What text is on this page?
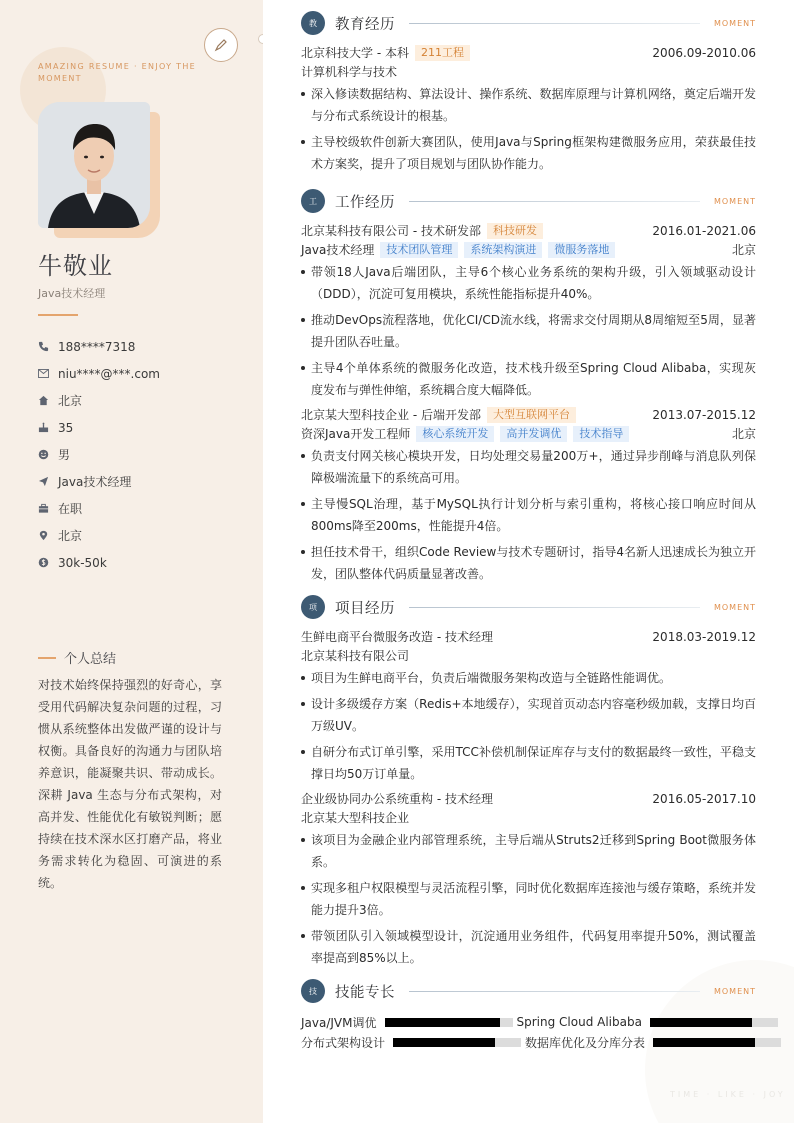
AMAZING RESUME · ENJOY THE MOMENT
牛敬业
Java技术经理
188****7318
niu****@***.com
北京
35
男
Java技术经理
在职
北京
30k-50k
个人总结
对技术始终保持强烈的好奇心，享受用代码解决复杂问题的过程，习惯从系统整体出发做严谨的设计与权衡。具备良好的沟通力与团队培养意识，能凝聚共识、带动成长。深耕 Java 生态与分布式架构，对高并发、性能优化有敏锐判断；愿持续在技术深水区打磨产品，将业务需求转化为稳固、可演进的系统。
TIME · LIKE · JOY
教	教育经历	MOMENT
北京科技大学 - 本科	211工程	2006.09-2010.06
计算机科学与技术
深入修读数据结构、算法设计、操作系统、数据库原理与计算机网络，奠定后端开发与分布式系统设计的根基。
主导校级软件创新大赛团队，使用Java与Spring框架构建微服务应用，荣获最佳技术方案奖，提升了项目规划与团队协作能力。
工	工作经历	MOMENT
北京某科技有限公司 - 技术研发部	科技研发	2016.01-2021.06
Java技术经理	技术团队管理	系统架构演进	微服务落地	北京
带领18人Java后端团队，主导6个核心业务系统的架构升级，引入领域驱动设计（DDD），沉淀可复用模块，系统性能指标提升40%。
推动DevOps流程落地，优化CI/CD流水线，将需求交付周期从8周缩短至5周，显著提升团队吞吐量。
主导4个单体系统的微服务化改造，技术栈升级至Spring Cloud Alibaba，实现灰度发布与弹性伸缩，系统耦合度大幅降低。
北京某大型科技企业 - 后端开发部	大型互联网平台	2013.07-2015.12
资深Java开发工程师	核心系统开发	高并发调优	技术指导	北京
负责支付网关核心模块开发，日均处理交易量200万+，通过异步削峰与消息队列保障极端流量下的系统高可用。
主导慢SQL治理，基于MySQL执行计划分析与索引重构，将核心接口响应时间从800ms降至200ms，性能提升4倍。
担任技术骨干，组织Code Review与技术专题研讨，指导4名新人迅速成长为独立开发，团队整体代码质量显著改善。
项	项目经历	MOMENT
生鲜电商平台微服务改造 - 技术经理	2018.03-2019.12
北京某科技有限公司
项目为生鲜电商平台，负责后端微服务架构改造与全链路性能调优。
设计多级缓存方案（Redis+本地缓存），实现首页动态内容毫秒级加载，支撑日均百万级UV。
自研分布式订单引擎，采用TCC补偿机制保证库存与支付的数据最终一致性，平稳支撑日均50万订单量。
企业级协同办公系统重构 - 技术经理	2016.05-2017.10
北京某大型科技企业
该项目为金融企业内部管理系统，主导后端从Struts2迁移到Spring Boot微服务体系。
实现多租户权限模型与灵活流程引擎，同时优化数据库连接池与缓存策略，系统并发能力提升3倍。
带领团队引入领域模型设计，沉淀通用业务组件，代码复用率提升50%，测试覆盖率提高到85%以上。
技	技能专长	MOMENT
Java/JVM调优	Spring Cloud Alibaba
分布式架构设计	数据库优化及分库分表
